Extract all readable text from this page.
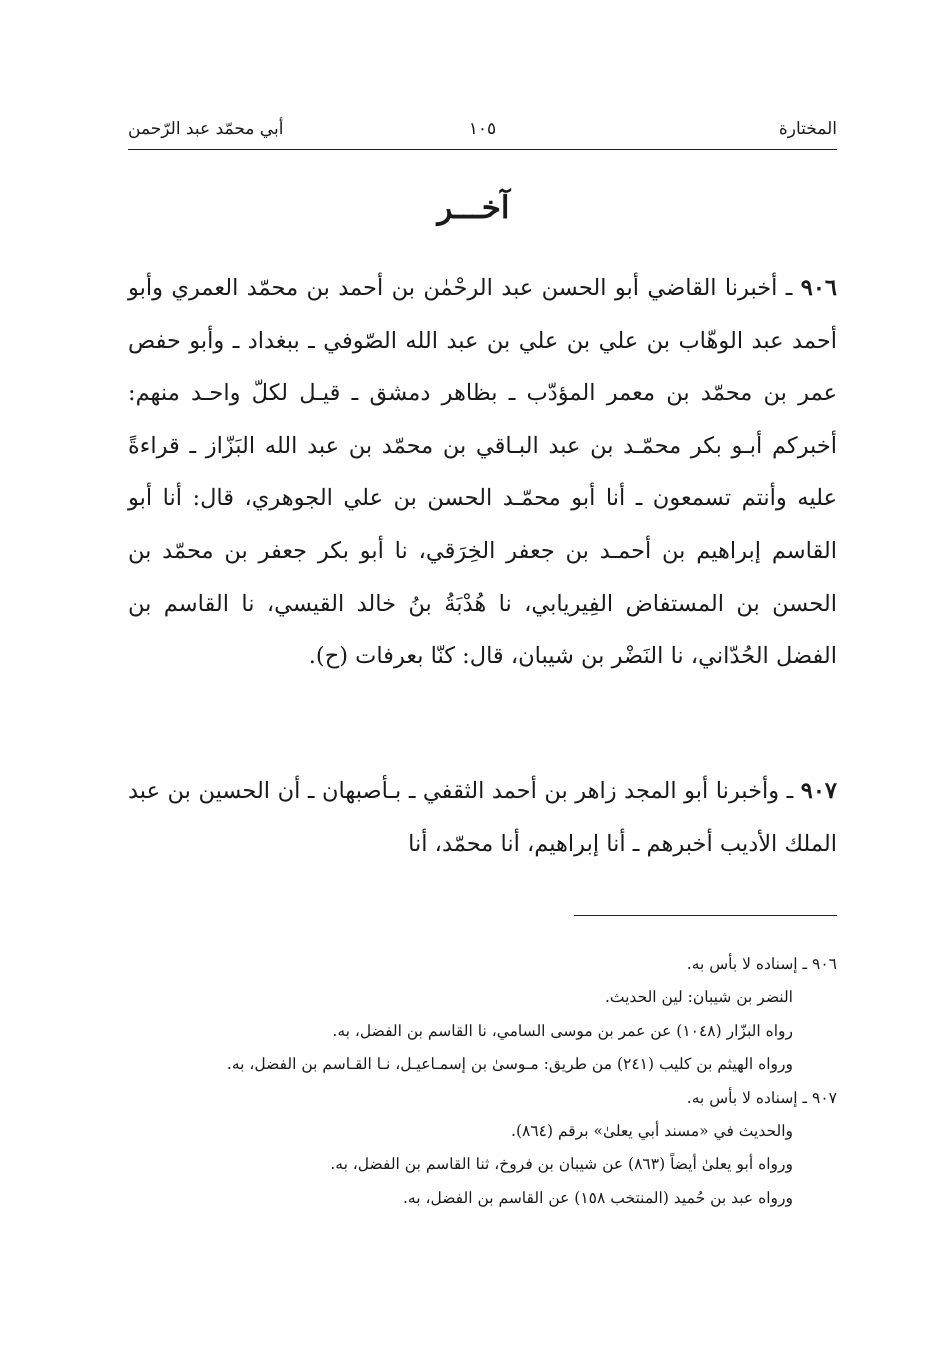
المختارة
١٠٥
أبي محمّد عبد الرّحمن
آخـــر

٩٠٦ ـ أخبرنا القاضي أبو الحسن عبد الرحْمٰن بن أحمد بن محمّد العمري وأبو أحمد عبد الوهّاب بن علي بن علي بن عبد الله الصّوفي ـ ببغداد ـ وأبو حفص عمر بن محمّد بن معمر المؤدّب ـ بظاهر دمشق ـ قيـل لكلّ واحـد منهم: أخبركم أبـو بكر محمّـد بن عبد البـاقي بن محمّد بن عبد الله البَزّاز ـ قراءةً عليه وأنتم تسمعون ـ أنا أبو محمّـد الحسن بن علي الجوهري، قال: أنا أبو القاسم إبراهيم بن أحمـد بن جعفر الخِرَقي، نا أبو بكر جعفر بن محمّد بن الحسن بن المستفاض الفِيريابي، نا هُدْبَةُ بنُ خالد القيسي، نا القاسم بن الفضل الحُدّاني، نا النَضْر بن شيبان، قال: كنّا بعرفات (ح).

٩٠٧ ـ وأخبرنا أبو المجد زاهر بن أحمد الثقفي ـ بـأصبهان ـ أن الحسين بن عبد الملك الأديب أخبرهم ـ أنا إبراهيم، أنا محمّد، أنا

٩٠٦ ـ إسناده لا بأس به.

النضر بن شيبان: لين الحديث.

رواه البزّار (١٠٤٨) عن عمر بن موسى السامي، نا القاسم بن الفضل، به.

ورواه الهيثم بن كليب (٢٤١) من طريق: مـوسىٰ بن إسمـاعيـل، نـا القـاسم بن الفضل، به.

٩٠٧ ـ إسناده لا بأس به.

والحديث في «مسند أبي يعلىٰ» برقم (٨٦٤).

ورواه أبو يعلىٰ أيضاً (٨٦٣) عن شيبان بن فروخ، ثنا القاسم بن الفضل، به.

ورواه عبد بن حُميد (المنتخب ١٥٨) عن القاسم بن الفضل، به.
